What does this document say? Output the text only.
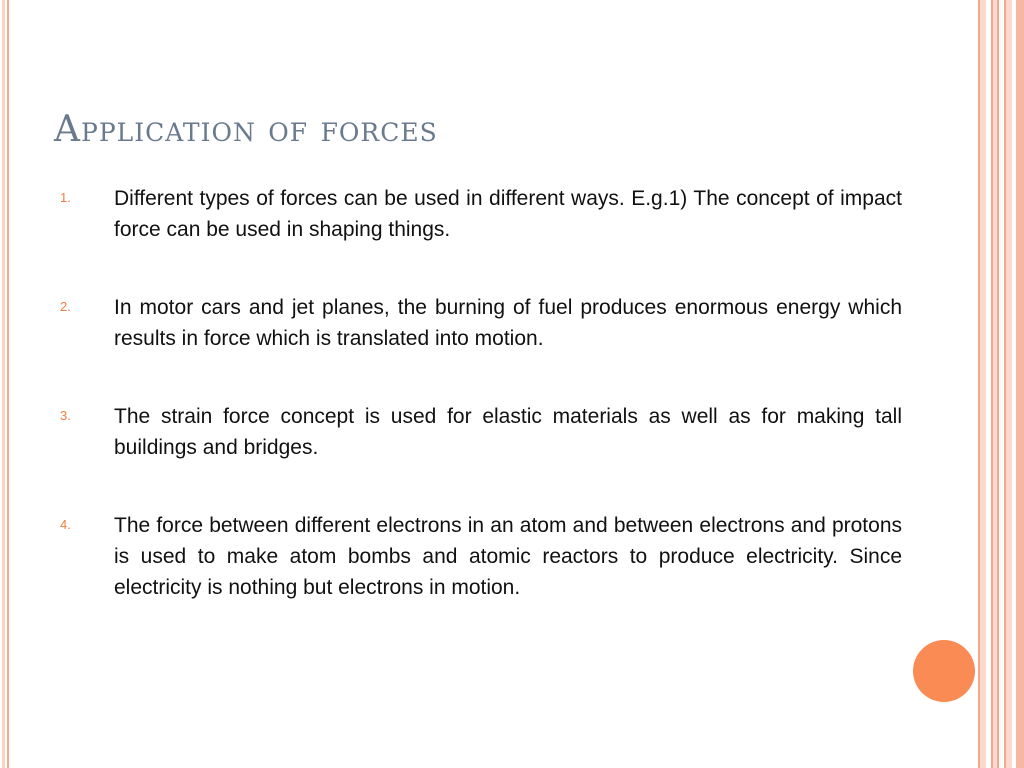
Application of forces
1. Different types of forces can be used in different ways. E.g.1) The concept of impact force can be used in shaping things.
2. In motor cars and jet planes, the burning of fuel produces enormous energy which results in force which is translated into motion.
3. The strain force concept is used for elastic materials as well as for making tall buildings and bridges.
4. The force between different electrons in an atom and between electrons and protons is used to make atom bombs and atomic reactors to produce electricity. Since electricity is nothing but electrons in motion.
